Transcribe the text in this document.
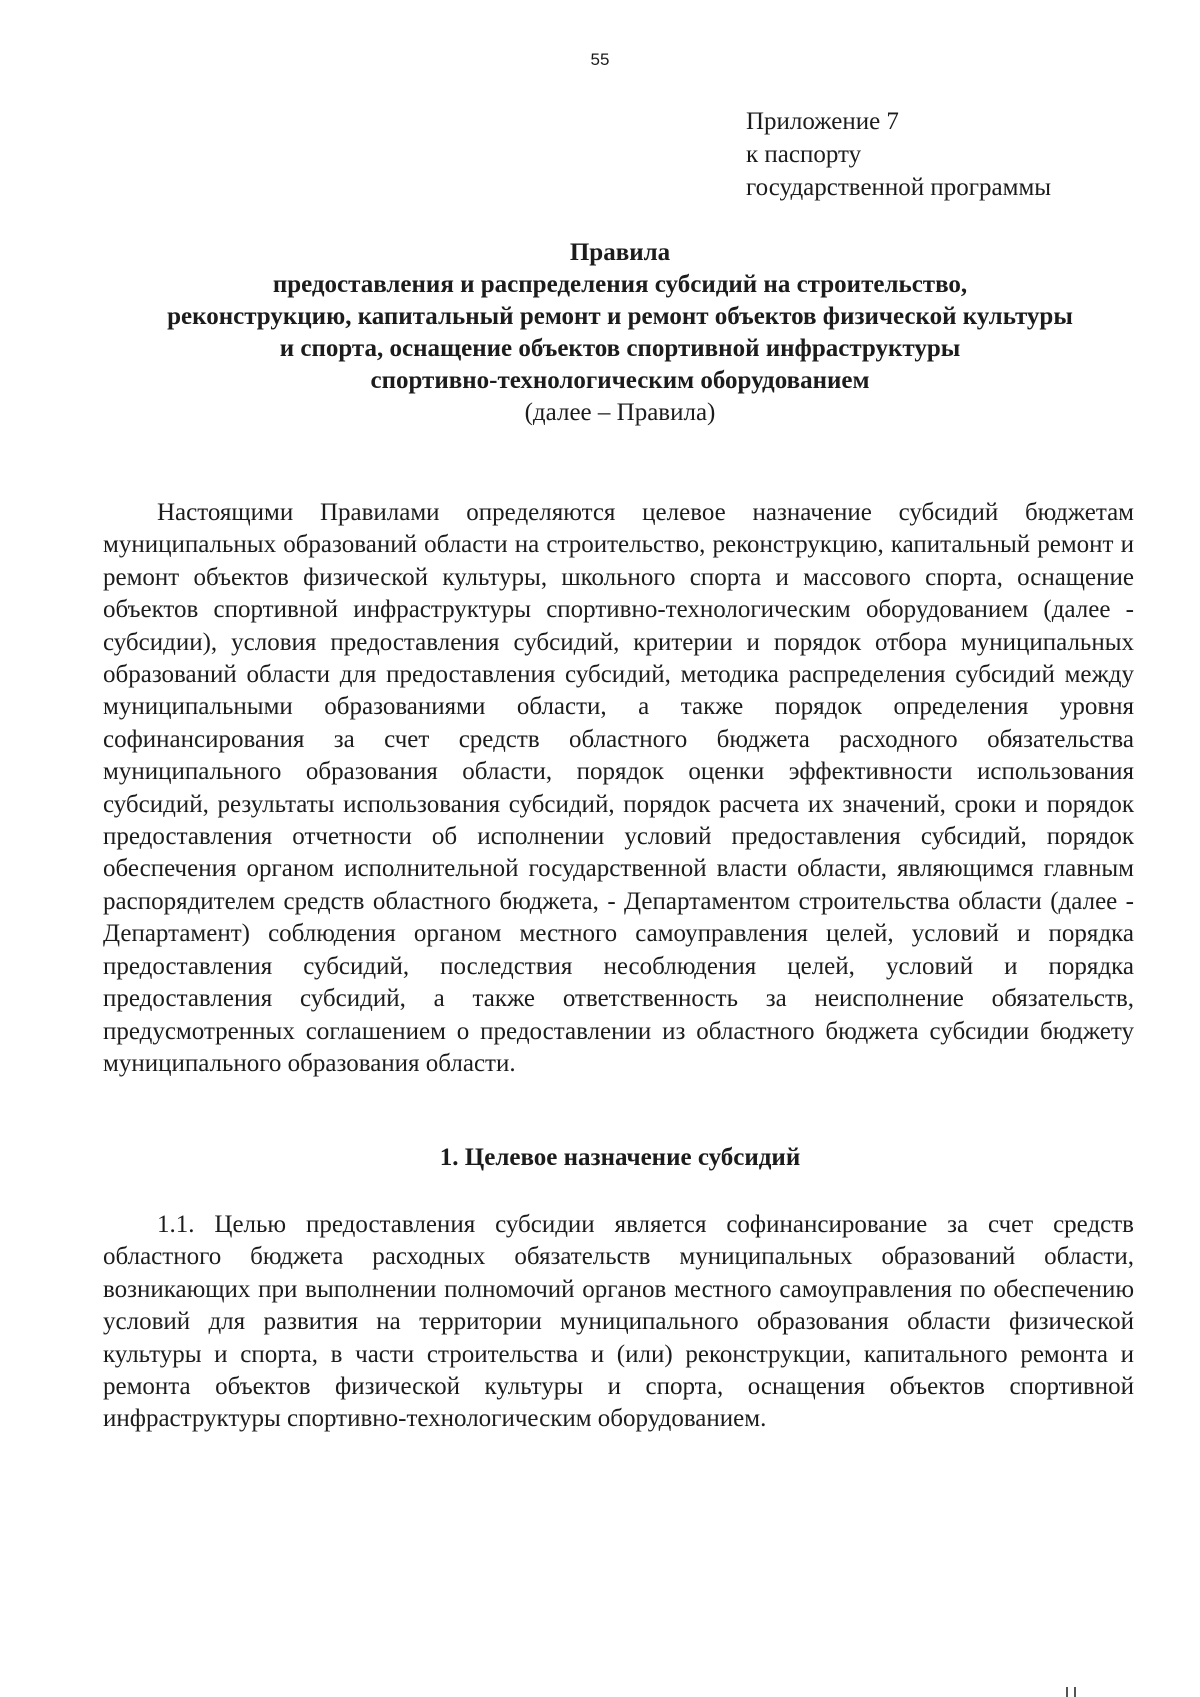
55
Приложение 7
к паспорту
государственной программы
Правила
предоставления и распределения субсидий на строительство,
реконструкцию, капитальный ремонт и ремонт объектов физической культуры
и спорта, оснащение объектов спортивной инфраструктуры
спортивно-технологическим оборудованием
(далее – Правила)

Настоящими Правилами определяются целевое назначение субсидий бюджетам муниципальных образований области на строительство, реконструкцию, капитальный ремонт и ремонт объектов физической культуры, школьного спорта и массового спорта, оснащение объектов спортивной инфраструктуры спортивно-технологическим оборудованием (далее - субсидии), условия предоставления субсидий, критерии и порядок отбора муниципальных образований области для предоставления субсидий, методика распределения субсидий между муниципальными образованиями области, а также порядок определения уровня софинансирования за счет средств областного бюджета расходного обязательства муниципального образования области, порядок оценки эффективности использования субсидий, результаты использования субсидий, порядок расчета их значений, сроки и порядок предоставления отчетности об исполнении условий предоставления субсидий, порядок обеспечения органом исполнительной государственной власти области, являющимся главным распорядителем средств областного бюджета, - Департаментом строительства области (далее - Департамент) соблюдения органом местного самоуправления целей, условий и порядка предоставления субсидий, последствия несоблюдения целей, условий и порядка предоставления субсидий, а также ответственность за неисполнение обязательств, предусмотренных соглашением о предоставлении из областного бюджета субсидии бюджету муниципального образования области.

1. Целевое назначение субсидий

1.1. Целью предоставления субсидии является софинансирование за счет средств областного бюджета расходных обязательств муниципальных образований области, возникающих при выполнении полномочий органов местного самоуправления по обеспечению условий для развития на территории муниципального образования области физической культуры и спорта, в части строительства и (или) реконструкции, капитального ремонта и ремонта объектов физической культуры и спорта, оснащения объектов спортивной инфраструктуры спортивно-технологическим оборудованием.
